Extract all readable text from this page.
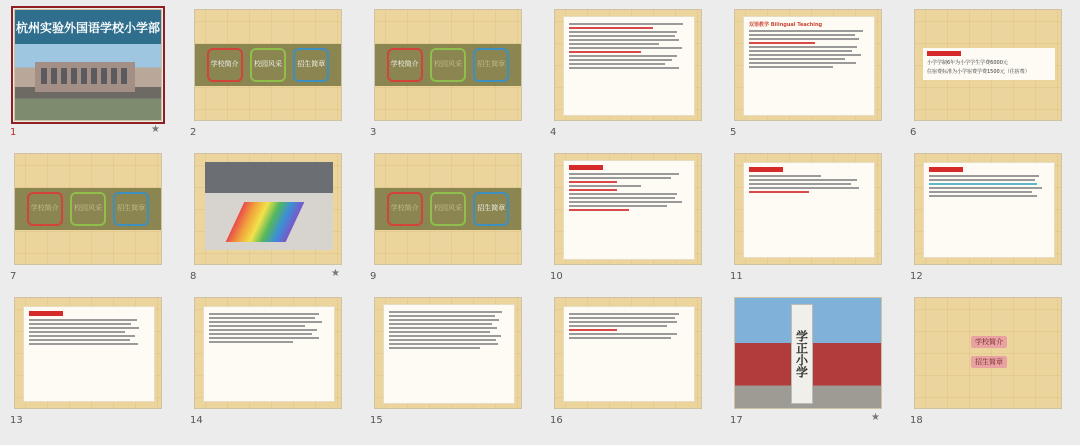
杭州实验外国语学校小学部
1	★
学校简介	校园风采	招生简章
2
学校简介	校园风采	招生简章
3	4
双语教学 Bilingual Teaching
5
小学学制6年为小学学生学费6000元
住宿费标准为小学宿费学费1500元（住宿费）
6
学校简介	校园风采	招生简章
7	8	★
学校简介	校园风采	招生简章
9	10	11	12
13	14	15	16
学正小学
17	★
学校简介
招生简章
18
